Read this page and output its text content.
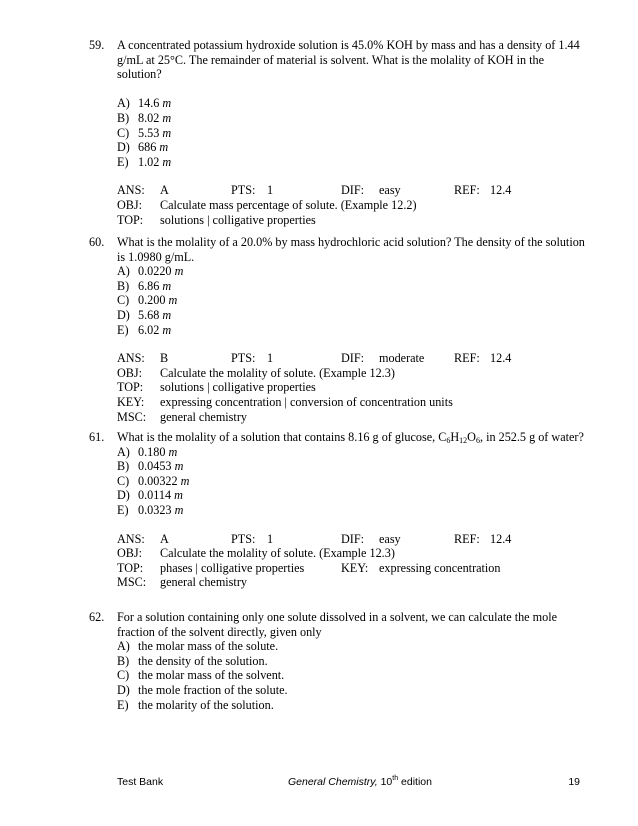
59. A concentrated potassium hydroxide solution is 45.0% KOH by mass and has a density of 1.44 g/mL at 25°C. The remainder of material is solvent. What is the molality of KOH in the solution?

A) 14.6 m
B) 8.02 m
C) 5.53 m
D) 686 m
E) 1.02 m
ANS: A	PTS: 1	DIF: easy	REF: 12.4
OBJ: Calculate mass percentage of solute. (Example 12.2)
TOP: solutions | colligative properties
60. What is the molality of a 20.0% by mass hydrochloric acid solution? The density of the solution is 1.0980 g/mL.

A) 0.0220 m
B) 6.86 m
C) 0.200 m
D) 5.68 m
E) 6.02 m
ANS: B	PTS: 1	DIF: moderate REF: 12.4
OBJ: Calculate the molality of solute. (Example 12.3)
TOP: solutions | colligative properties
KEY: expressing concentration | conversion of concentration units
MSC: general chemistry
61. What is the molality of a solution that contains 8.16 g of glucose, $C_6H_{12}O_6$, in 252.5 g of water?

A) 0.180 m
B) 0.0453 m
C) 0.00322 m
D) 0.0114 m
E) 0.0323 m
ANS: A	PTS: 1	DIF: easy	REF: 12.4
OBJ: Calculate the molality of solute. (Example 12.3)
TOP: phases | colligative properties	KEY: expressing concentration
MSC: general chemistry
62. For a solution containing only one solute dissolved in a solvent, we can calculate the mole fraction of the solvent directly, given only

A) the molar mass of the solute.
B) the density of the solution.
C) the molar mass of the solvent.
D) the mole fraction of the solute.
E) the molarity of the solution.
Test Bank	General Chemistry, 10th edition	19
